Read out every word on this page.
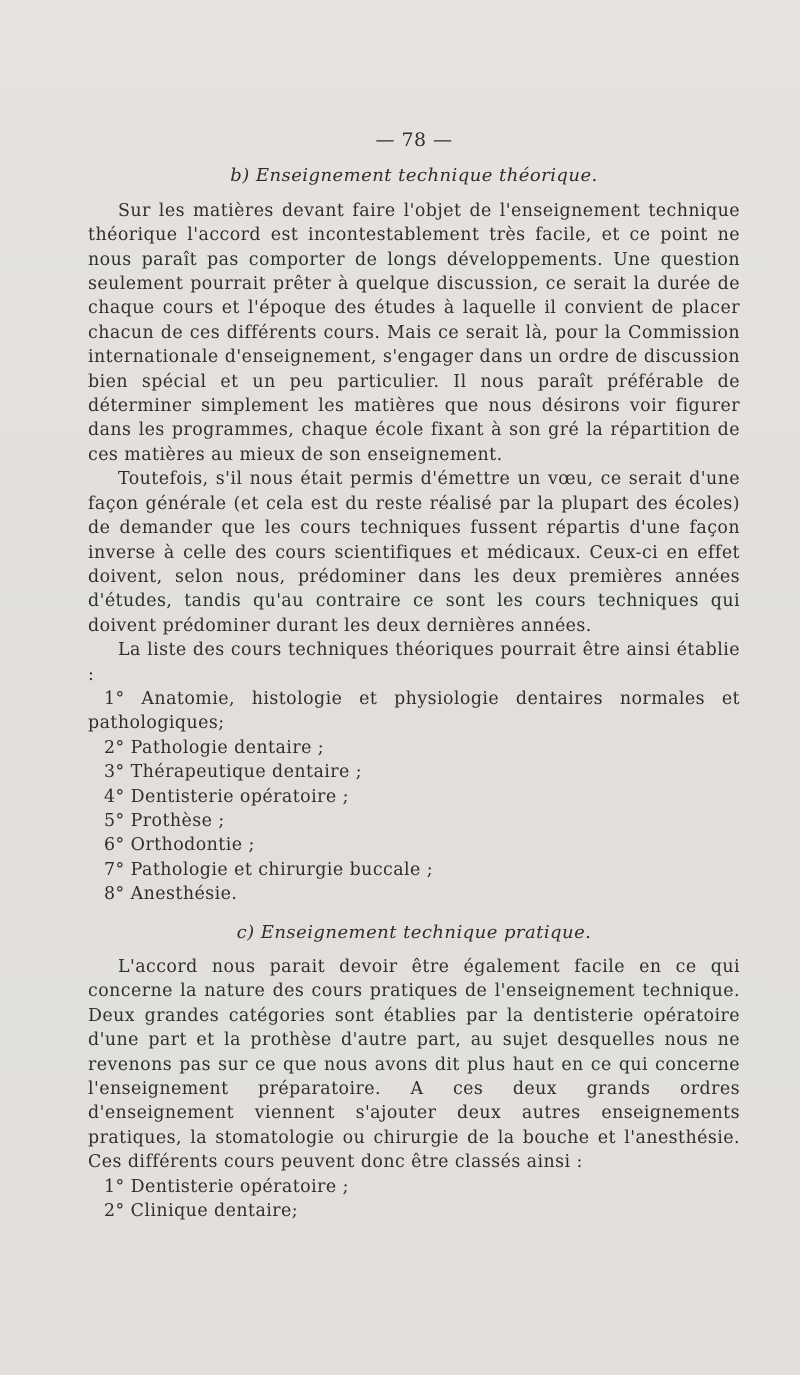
— 78 —
b) Enseignement technique théorique.

Sur les matières devant faire l'objet de l'enseignement technique théorique l'accord est incontestablement très facile, et ce point ne nous paraît pas comporter de longs développements. Une question seulement pourrait prêter à quelque discussion, ce serait la durée de chaque cours et l'époque des études à laquelle il convient de placer chacun de ces différents cours. Mais ce serait là, pour la Commission internationale d'enseignement, s'engager dans un ordre de discussion bien spécial et un peu particulier. Il nous paraît préférable de déterminer simplement les matières que nous désirons voir figurer dans les programmes, chaque école fixant à son gré la répartition de ces matières au mieux de son enseignement.

Toutefois, s'il nous était permis d'émettre un vœu, ce serait d'une façon générale (et cela est du reste réalisé par la plupart des écoles) de demander que les cours techniques fussent répartis d'une façon inverse à celle des cours scientifiques et médicaux. Ceux-ci en effet doivent, selon nous, prédominer dans les deux premières années d'études, tandis qu'au contraire ce sont les cours techniques qui doivent prédominer durant les deux dernières années.

La liste des cours techniques théoriques pourrait être ainsi établie :

1° Anatomie, histologie et physiologie dentaires normales et pathologiques;

2° Pathologie dentaire ;

3° Thérapeutique dentaire ;

4° Dentisterie opératoire ;

5° Prothèse ;

6° Orthodontie ;

7° Pathologie et chirurgie buccale ;

8° Anesthésie.

c) Enseignement technique pratique.

L'accord nous parait devoir être également facile en ce qui concerne la nature des cours pratiques de l'enseignement technique. Deux grandes catégories sont établies par la dentisterie opératoire d'une part et la prothèse d'autre part, au sujet desquelles nous ne revenons pas sur ce que nous avons dit plus haut en ce qui concerne l'enseignement préparatoire. A ces deux grands ordres d'enseignement viennent s'ajouter deux autres enseignements pratiques, la stomatologie ou chirurgie de la bouche et l'anesthésie. Ces différents cours peuvent donc être classés ainsi :

1° Dentisterie opératoire ;

2° Clinique dentaire;
